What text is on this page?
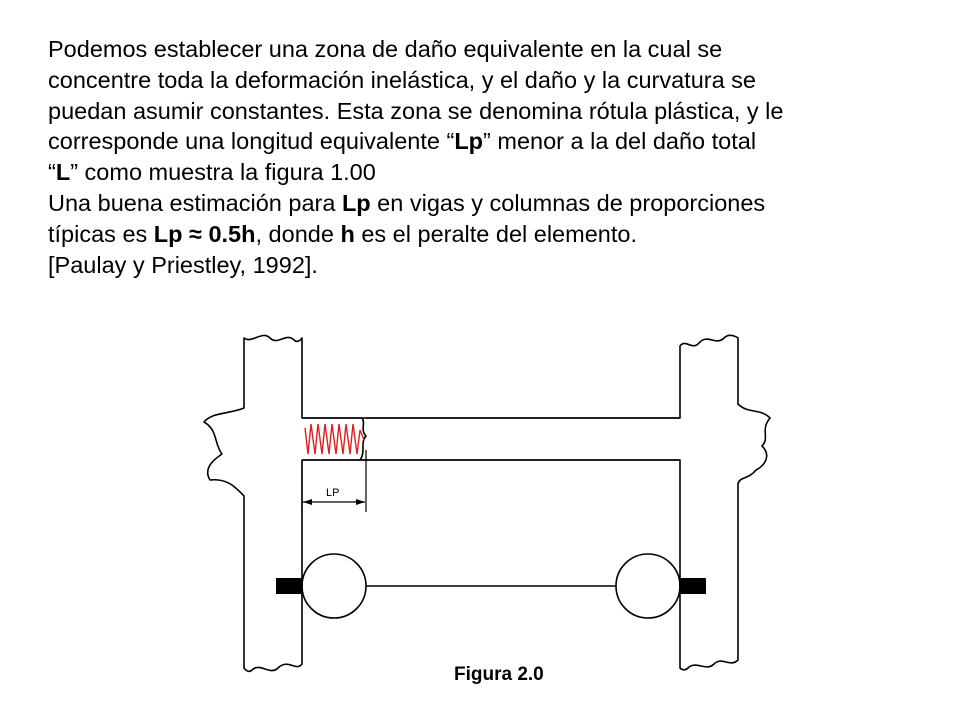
Podemos establecer una zona de daño equivalente en la cual se
concentre toda la deformación inelástica, y el daño y la curvatura se
puedan asumir constantes. Esta zona se denomina rótula plástica, y le
corresponde una longitud equivalente “Lp” menor a la del daño total
“L” como muestra la figura 1.00
Una buena estimación para Lp en vigas y columnas de proporciones
típicas es Lp ≈ 0.5h, donde h es el peralte del elemento.
[Paulay y Priestley, 1992].
LP
Figura 2.0
